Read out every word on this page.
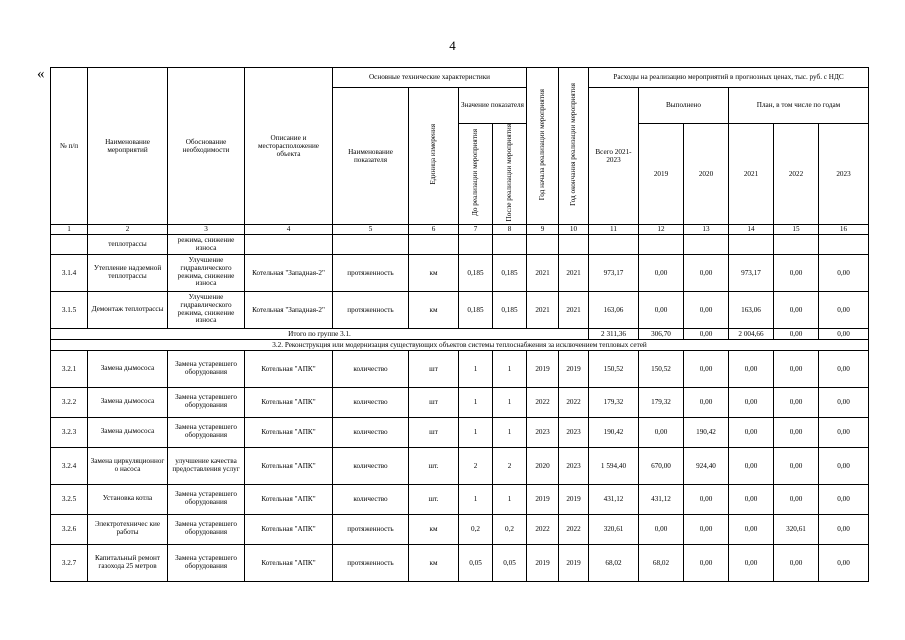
4
«
№ п/п	Наименование мероприятий	Обоснование необходимости	Описание и месторасположение объекта	Основные технические характеристики				Год начала реализации мероприятия	Год окончания реализации мероприятия	Расходы на реализацию мероприятий в прогнозных ценах, тыс. руб. с НДС					
				Наименование показателя	Единица измерения	Значение показателя				Всего 2021-2023	Выполнено		План, в том числе по годам		
						До реализации мероприятия	После реализации мероприятия				2019	2020	2021	2022	2023
1	2	3	4	5	6	7	8	9	10	11	12	13	14	15	16
	теплотрассы	режима, снижение износа													
3.1.4	Утепление надземной теплотрассы	Улучшение гидравлического режима, снижение износа	Котельная "Западная-2"	протяженность	км	0,185	0,185	2021	2021	973,17	0,00	0,00	973,17	0,00	0,00
3.1.5	Демонтаж теплотрассы	Улучшение гидравлического режима, снижение износа	Котельная "Западная-2"	протяженность	км	0,185	0,185	2021	2021	163,06	0,00	0,00	163,06	0,00	0,00
Итого по группе 3.1.										2 311,36	306,70	0,00	2 004,66	0,00	0,00
3.2. Реконструкция или модернизация существующих объектов системы теплоснабжения за исключением тепловых сетей															
3.2.1	Замена дымососа	Замена устаревшего оборудования	Котельная "АПК"	количество	шт	1	1	2019	2019	150,52	150,52	0,00	0,00	0,00	0,00
3.2.2	Замена дымососа	Замена устаревшего оборудования	Котельная "АПК"	количество	шт	1	1	2022	2022	179,32	179,32	0,00	0,00	0,00	0,00
3.2.3	Замена дымососа	Замена устаревшего оборудования	Котельная "АПК"	количество	шт	1	1	2023	2023	190,42	0,00	190,42	0,00	0,00	0,00
3.2.4	Замена циркуляционног о насоса	улучшение качества предоставления услуг	Котельная "АПК"	количество	шт.	2	2	2020	2023	1 594,40	670,00	924,40	0,00	0,00	0,00
3.2.5	Установка котла	Замена устаревшего оборудования	Котельная "АПК"	количество	шт.	1	1	2019	2019	431,12	431,12	0,00	0,00	0,00	0,00
3.2.6	Электротехничес кие работы	Замена устаревшего оборудования	Котельная "АПК"	протяженность	км	0,2	0,2	2022	2022	320,61	0,00	0,00	0,00	320,61	0,00
3.2.7	Капитальный ремонт газохода 25 метров	Замена устаревшего оборудования	Котельная "АПК"	протяженность	км	0,05	0,05	2019	2019	68,02	68,02	0,00	0,00	0,00	0,00
